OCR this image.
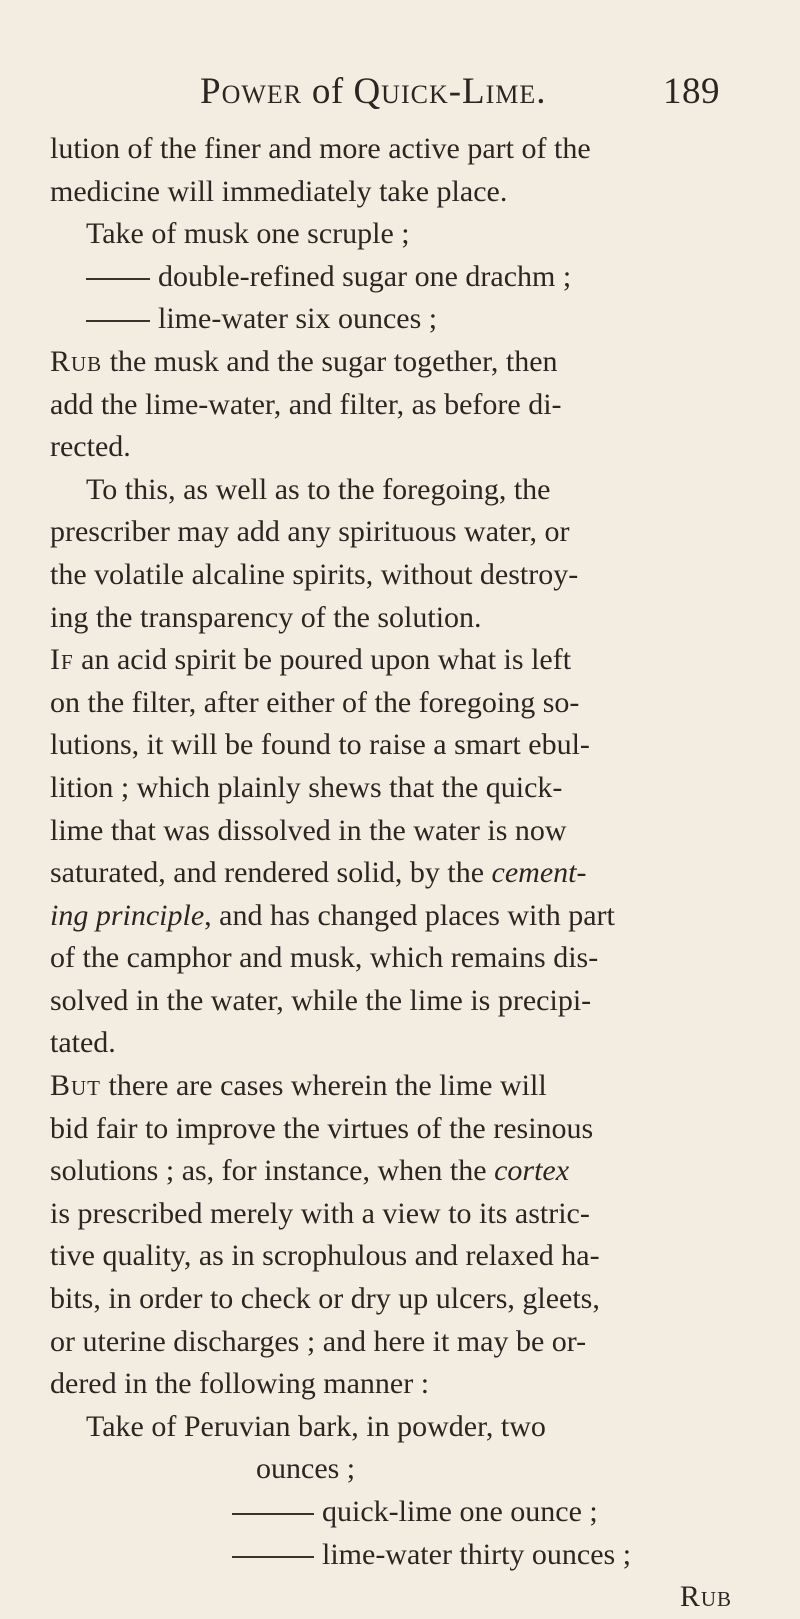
Power of Quick-Lime.	189
lution of the finer and more active part of the
medicine will immediately take place.
Take of musk one scruple ;
double-refined sugar one drachm ;
lime-water six ounces ;
Rub the musk and the sugar together, then
add the lime-water, and filter, as before di-
rected.
To this, as well as to the foregoing, the
prescriber may add any spirituous water, or
the volatile alcaline spirits, without destroy-
ing the transparency of the solution.
If an acid spirit be poured upon what is left
on the filter, after either of the foregoing so-
lutions, it will be found to raise a smart ebul-
lition ; which plainly shews that the quick-
lime that was dissolved in the water is now
saturated, and rendered solid, by the cement-
ing principle, and has changed places with part
of the camphor and musk, which remains dis-
solved in the water, while the lime is precipi-
tated.
But there are cases wherein the lime will
bid fair to improve the virtues of the resinous
solutions ; as, for instance, when the cortex
is prescribed merely with a view to its astric-
tive quality, as in scrophulous and relaxed ha-
bits, in order to check or dry up ulcers, gleets,
or uterine discharges ; and here it may be or-
dered in the following manner :
Take of Peruvian bark, in powder, two
ounces ;
quick-lime one ounce ;
lime-water thirty ounces ;
Rub
